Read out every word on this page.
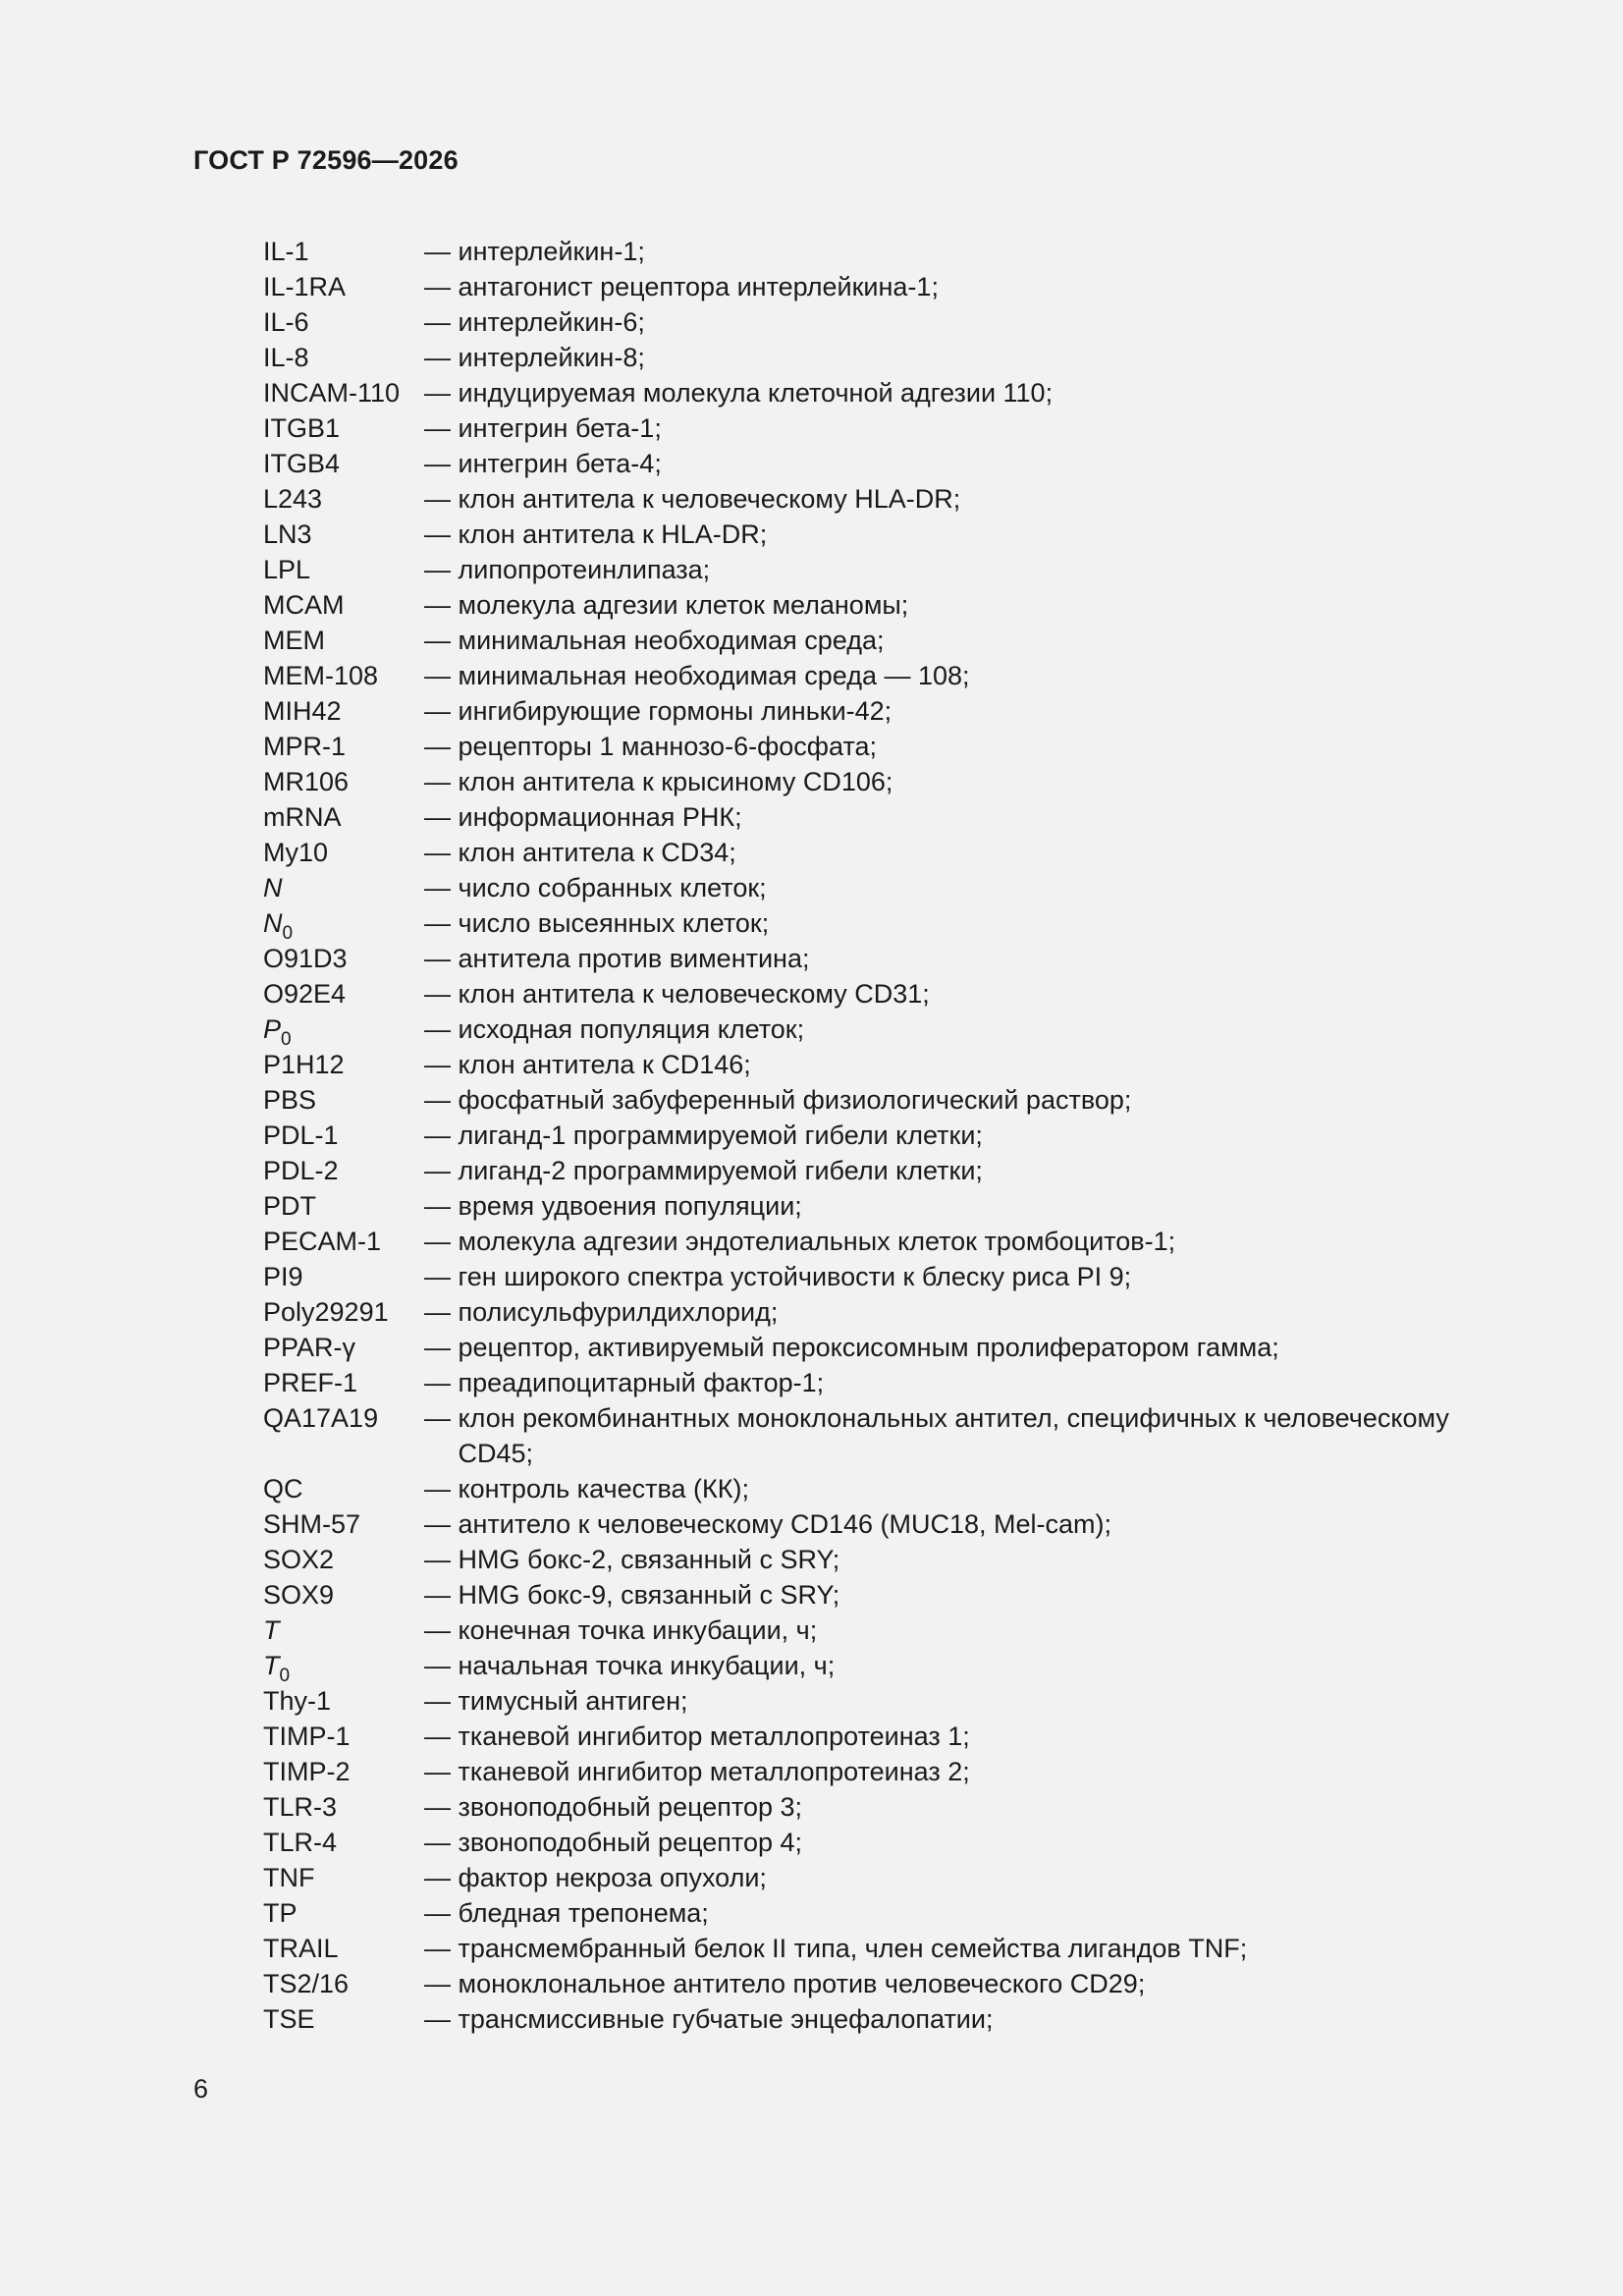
ГОСТ Р 72596—2026
IL-1	— интерлейкин-1;
IL-1RA	— антагонист рецептора интерлейкина-1;
IL-6	— интерлейкин-6;
IL-8	— интерлейкин-8;
INCAM-110 — индуцируемая молекула клеточной адгезии 110;
ITGB1	— интегрин бета-1;
ITGB4	— интегрин бета-4;
L243	— клон антитела к человеческому HLA-DR;
LN3	— клон антитела к HLA-DR;
LPL	— липопротеинлипаза;
MCAM	— молекула адгезии клеток меланомы;
MEM	— минимальная необходимая среда;
MEM-108	— минимальная необходимая среда — 108;
MIH42	— ингибирующие гормоны линьки-42;
MPR-1	— рецепторы 1 маннозо-6-фосфата;
MR106	— клон антитела к крысиному CD106;
mRNA	— информационная РНК;
My10	— клон антитела к CD34;
N	— число собранных клеток;
$N_0$	— число высеянных клеток;
O91D3	— антитела против виментина;
O92E4	— клон антитела к человеческому CD31;
$P_0$	— исходная популяция клеток;
P1H12	— клон антитела к CD146;
PBS	— фосфатный забуференный физиологический раствор;
PDL-1	— лиганд-1 программируемой гибели клетки;
PDL-2	— лиганд-2 программируемой гибели клетки;
PDT	— время удвоения популяции;
PECAM-1	— молекула адгезии эндотелиальных клеток тромбоцитов-1;
PI9	— ген широкого спектра устойчивости к блеску риса PI 9;
Poly29291	— полисульфурилдихлорид;
PPAR-γ	— рецептор, активируемый пероксисомным пролифератором гамма;
PREF-1	— преадипоцитарный фактор-1;
QA17A19	— клон рекомбинантных моноклональных антител, специфичных к человеческому CD45;
QC	— контроль качества (КК);
SHM-57	— антитело к человеческому CD146 (MUC18, Mel-cam);
SOX2	— HMG бокс-2, связанный с SRY;
SOX9	— HMG бокс-9, связанный с SRY;
T	— конечная точка инкубации, ч;
$T_0$	— начальная точка инкубации, ч;
Thy-1	— тимусный антиген;
TIMP-1	— тканевой ингибитор металлопротеиназ 1;
TIMP-2	— тканевой ингибитор металлопротеиназ 2;
TLR-3	— звоноподобный рецептор 3;
TLR-4	— звоноподобный рецептор 4;
TNF	— фактор некроза опухоли;
TP	— бледная трепонема;
TRAIL	— трансмембранный белок II типа, член семейства лигандов TNF;
TS2/16	— моноклональное антитело против человеческого CD29;
TSE	— трансмиссивные губчатые энцефалопатии;
6
